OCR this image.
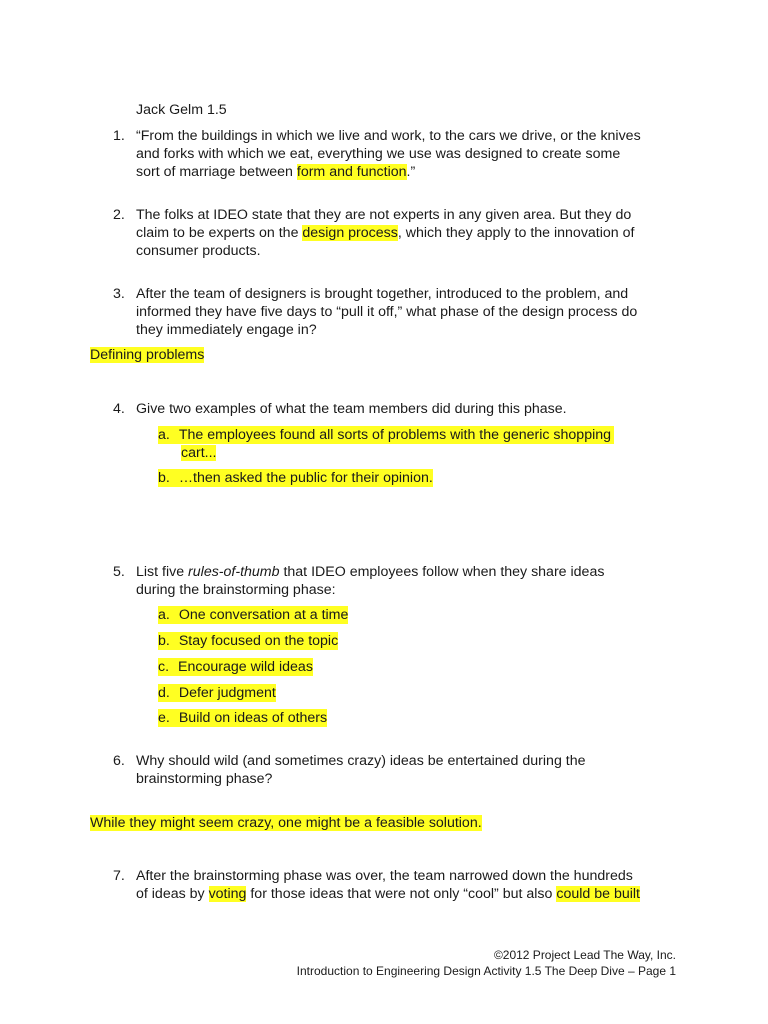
Jack Gelm 1.5

1. “From the buildings in which we live and work, to the cars we drive, or the knives

and forks with which we eat, everything we use was designed to create some

sort of marriage between form and function.”

2. The folks at IDEO state that they are not experts in any given area. But they do

claim to be experts on the design process, which they apply to the innovation of

consumer products.

3. After the team of designers is brought together, introduced to the problem, and

informed they have five days to “pull it off,” what phase of the design process do

they immediately engage in?

Defining problems

4. Give two examples of what the team members did during this phase.

a. The employees found all sorts of problems with the generic shopping

cart...

b. …then asked the public for their opinion.

5. List five rules-of-thumb that IDEO employees follow when they share ideas

during the brainstorming phase:

a. One conversation at a time

b. Stay focused on the topic

c. Encourage wild ideas

d. Defer judgment

e. Build on ideas of others

6. Why should wild (and sometimes crazy) ideas be entertained during the

brainstorming phase?

While they might seem crazy, one might be a feasible solution.

7. After the brainstorming phase was over, the team narrowed down the hundreds

of ideas by voting for those ideas that were not only “cool” but also could be built

©2012 Project Lead The Way, Inc.
Introduction to Engineering Design Activity 1.5 The Deep Dive – Page 1
